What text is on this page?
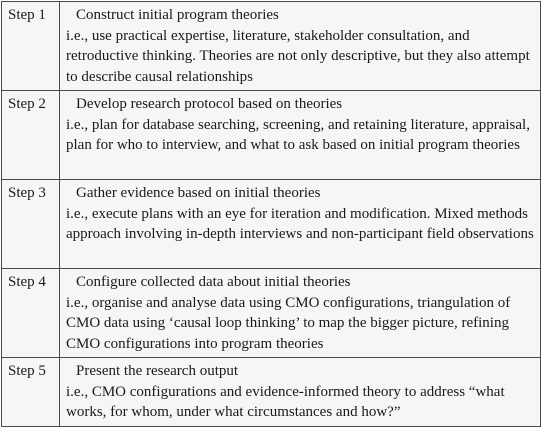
Step 1	Construct initial program theories
i.e., use practical expertise, literature, stakeholder consultation, and retroductive thinking. Theories are not only descriptive, but they also attempt to describe causal relationships

Step 2	Develop research protocol based on theories
i.e., plan for database searching, screening, and retaining literature, appraisal, plan for who to interview, and what to ask based on initial program theories

Step 3	Gather evidence based on initial theories
i.e., execute plans with an eye for iteration and modification. Mixed methods approach involving in-depth interviews and non-participant field observations

Step 4	Configure collected data about initial theories
i.e., organise and analyse data using CMO configurations, triangulation of CMO data using ‘causal loop thinking’ to map the bigger picture, refining CMO configurations into program theories

Step 5	Present the research output
i.e., CMO configurations and evidence-informed theory to address “what works, for whom, under what circumstances and how?”
